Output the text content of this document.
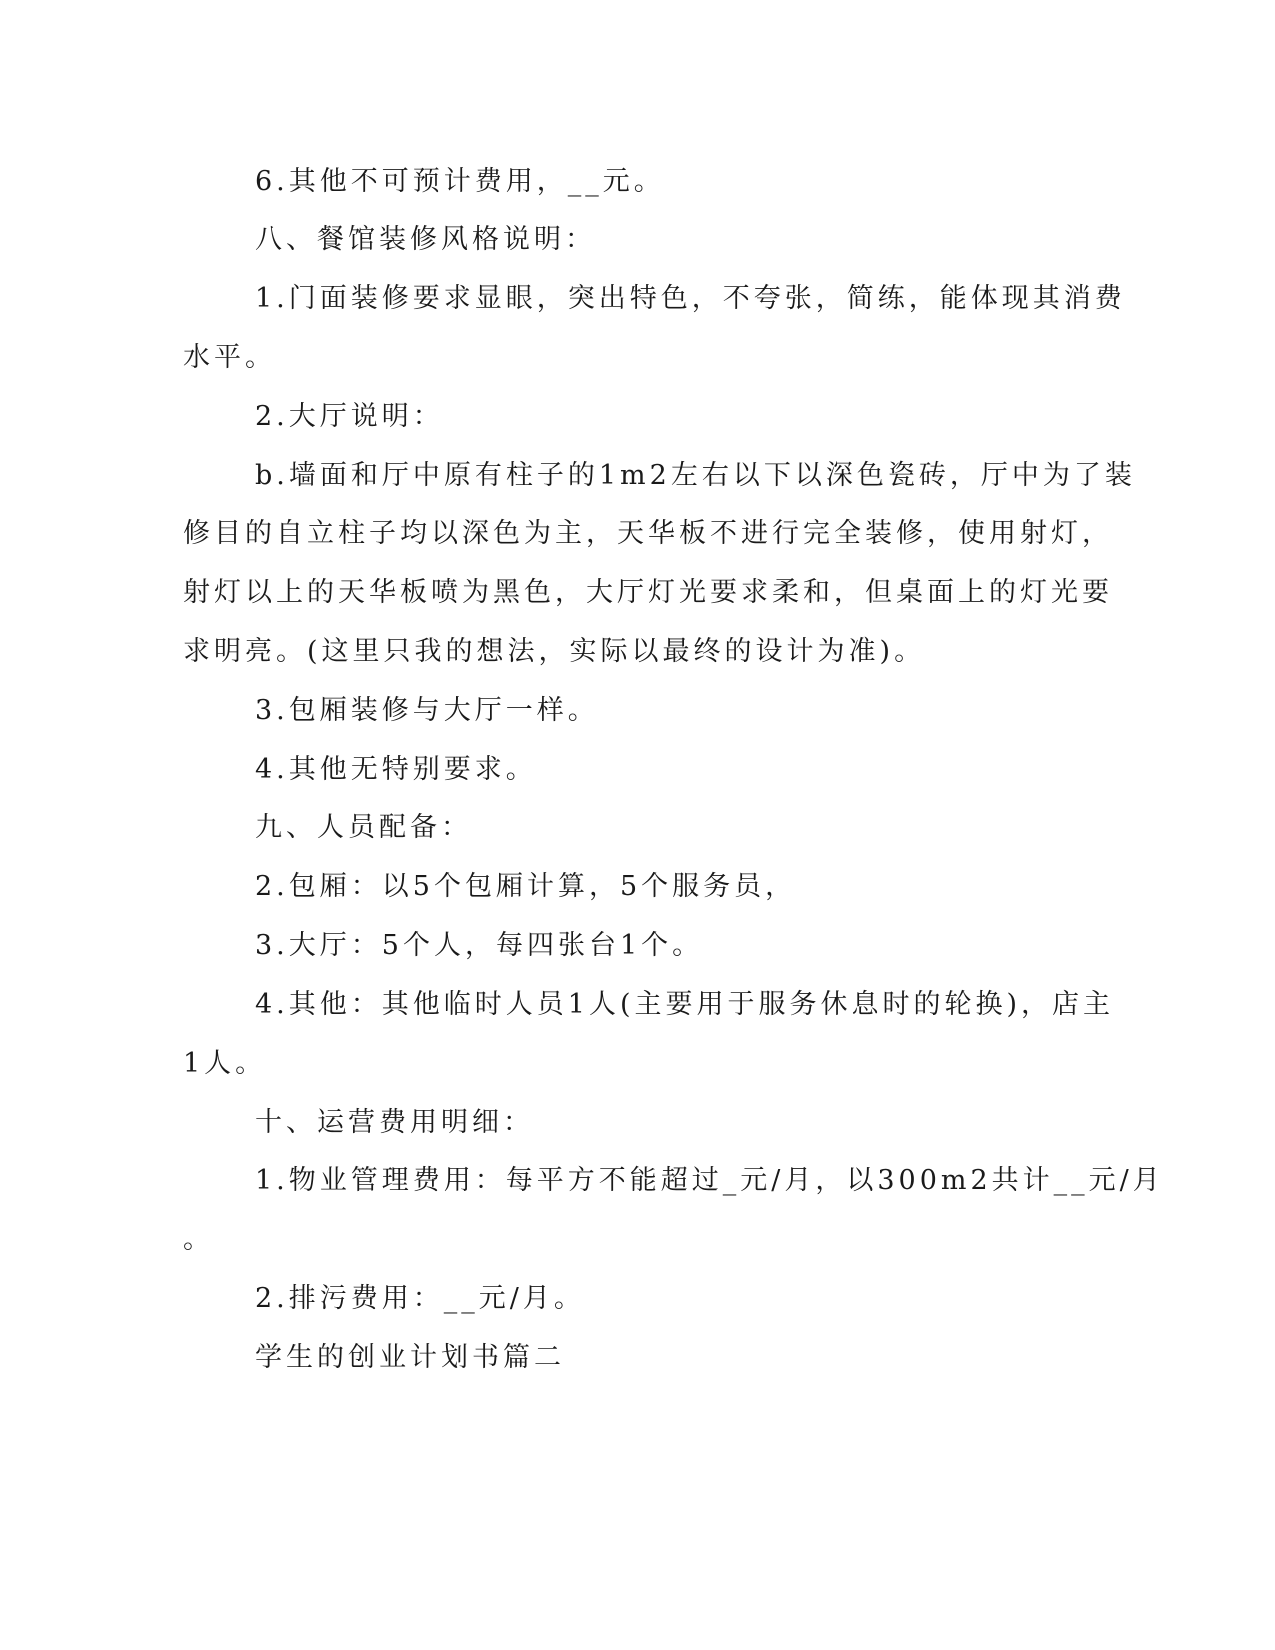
6.其他不可预计费用，__元。

八、餐馆装修风格说明：

1.门面装修要求显眼，突出特色，不夸张，简练，能体现其消费

水平。

2.大厅说明：

b.墙面和厅中原有柱子的1m2左右以下以深色瓷砖，厅中为了装

修目的自立柱子均以深色为主，天华板不进行完全装修，使用射灯，

射灯以上的天华板喷为黑色，大厅灯光要求柔和，但桌面上的灯光要

求明亮。(这里只我的想法，实际以最终的设计为准)。

3.包厢装修与大厅一样。

4.其他无特别要求。

九、人员配备：

2.包厢：以5个包厢计算，5个服务员，

3.大厅：5个人，每四张台1个。

4.其他：其他临时人员1人(主要用于服务休息时的轮换)，店主

1人。

十、运营费用明细：

1.物业管理费用：每平方不能超过_元/月，以300m2共计__元/月

。

2.排污费用：__元/月。

学生的创业计划书篇二
